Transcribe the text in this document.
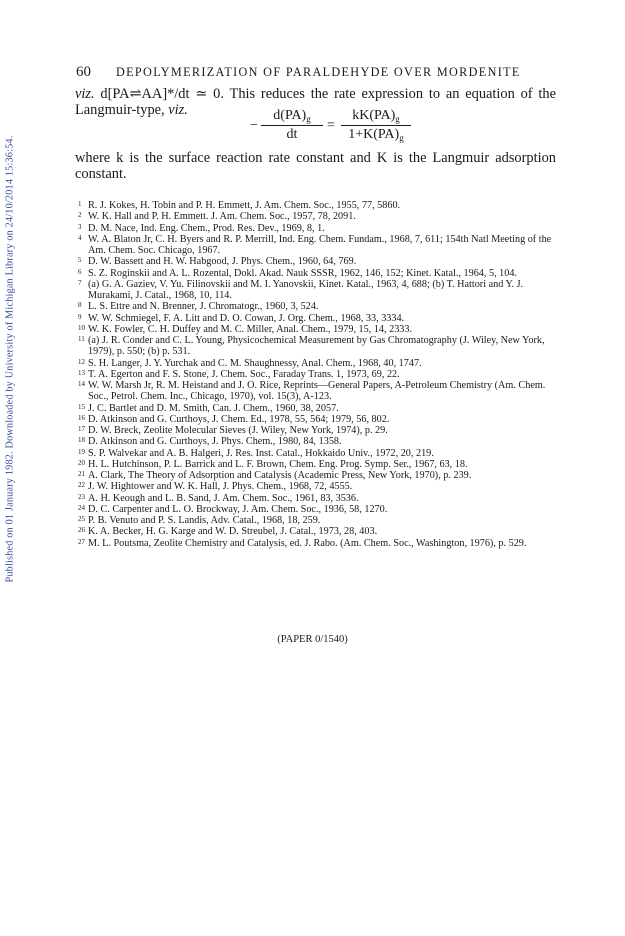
Published on 01 January 1982. Downloaded by University of Michigan Library on 24/10/2014 15:36:54.
60 DEPOLYMERIZATION OF PARALDEHYDE OVER MORDENITE
viz. d[PA⇌AA]*/dt ≃ 0. This reduces the rate expression to an equation of the Langmuir-type, viz.
− $\frac{d(PA)_g}{dt} = \frac{kK(PA)_g}{1+K(PA)_g}$
where k is the surface reaction rate constant and K is the Langmuir adsorption constant.
1 R. J. Kokes, H. Tobin and P. H. Emmett, J. Am. Chem. Soc., 1955, 77, 5860.
2 W. K. Hall and P. H. Emmett. J. Am. Chem. Soc., 1957, 78, 2091.
3 D. M. Nace, Ind. Eng. Chem., Prod. Res. Dev., 1969, 8, 1.
4 W. A. Blaton Jr, C. H. Byers and R. P. Merrill, Ind. Eng. Chem. Fundam., 1968, 7, 611; 154th Natl Meeting of the Am. Chem. Soc. Chicago, 1967.
5 D. W. Bassett and H. W. Habgood, J. Phys. Chem., 1960, 64, 769.
6 S. Z. Roginskii and A. L. Rozental, Dokl. Akad. Nauk SSSR, 1962, 146, 152; Kinet. Katal., 1964, 5, 104.
7 (a) G. A. Gaziev, V. Yu. Filinovskii and M. I. Yanovskii, Kinet. Katal., 1963, 4, 688; (b) T. Hattori and Y. J. Murakami, J. Catal., 1968, 10, 114.
8 L. S. Ettre and N. Brenner, J. Chromatogr., 1960, 3, 524.
9 W. W. Schmiegel, F. A. Litt and D. O. Cowan, J. Org. Chem., 1968, 33, 3334.
10 W. K. Fowler, C. H. Duffey and M. C. Miller, Anal. Chem., 1979, 15, 14, 2333.
11 (a) J. R. Conder and C. L. Young, Physicochemical Measurement by Gas Chromatography (J. Wiley, New York, 1979), p. 550; (b) p. 531.
12 S. H. Langer, J. Y. Yurchak and C. M. Shaughnessy, Anal. Chem., 1968, 40, 1747.
13 T. A. Egerton and F. S. Stone, J. Chem. Soc., Faraday Trans. 1, 1973, 69, 22.
14 W. W. Marsh Jr, R. M. Heistand and J. O. Rice, Reprints—General Papers, A-Petroleum Chemistry (Am. Chem. Soc., Petrol. Chem. Inc., Chicago, 1970), vol. 15(3), A-123.
15 J. C. Bartlet and D. M. Smith, Can. J. Chem., 1960, 38, 2057.
16 D. Atkinson and G. Curthoys, J. Chem. Ed., 1978, 55, 564; 1979, 56, 802.
17 D. W. Breck, Zeolite Molecular Sieves (J. Wiley, New York, 1974), p. 29.
18 D. Atkinson and G. Curthoys, J. Phys. Chem., 1980, 84, 1358.
19 S. P. Walvekar and A. B. Halgeri, J. Res. Inst. Catal., Hokkaido Univ., 1972, 20, 219.
20 H. L. Hutchinson, P. L. Barrick and L. F. Brown, Chem. Eng. Prog. Symp. Ser., 1967, 63, 18.
21 A. Clark, The Theory of Adsorption and Catalysis (Academic Press, New York, 1970), p. 239.
22 J. W. Hightower and W. K. Hall, J. Phys. Chem., 1968, 72, 4555.
23 A. H. Keough and L. B. Sand, J. Am. Chem. Soc., 1961, 83, 3536.
24 D. C. Carpenter and L. O. Brockway, J. Am. Chem. Soc., 1936, 58, 1270.
25 P. B. Venuto and P. S. Landis, Adv. Catal., 1968, 18, 259.
26 K. A. Becker, H. G. Karge and W. D. Streubel, J. Catal., 1973, 28, 403.
27 M. L. Poutsma, Zeolite Chemistry and Catalysis, ed. J. Rabo. (Am. Chem. Soc., Washington, 1976), p. 529.
(PAPER 0/1540)
